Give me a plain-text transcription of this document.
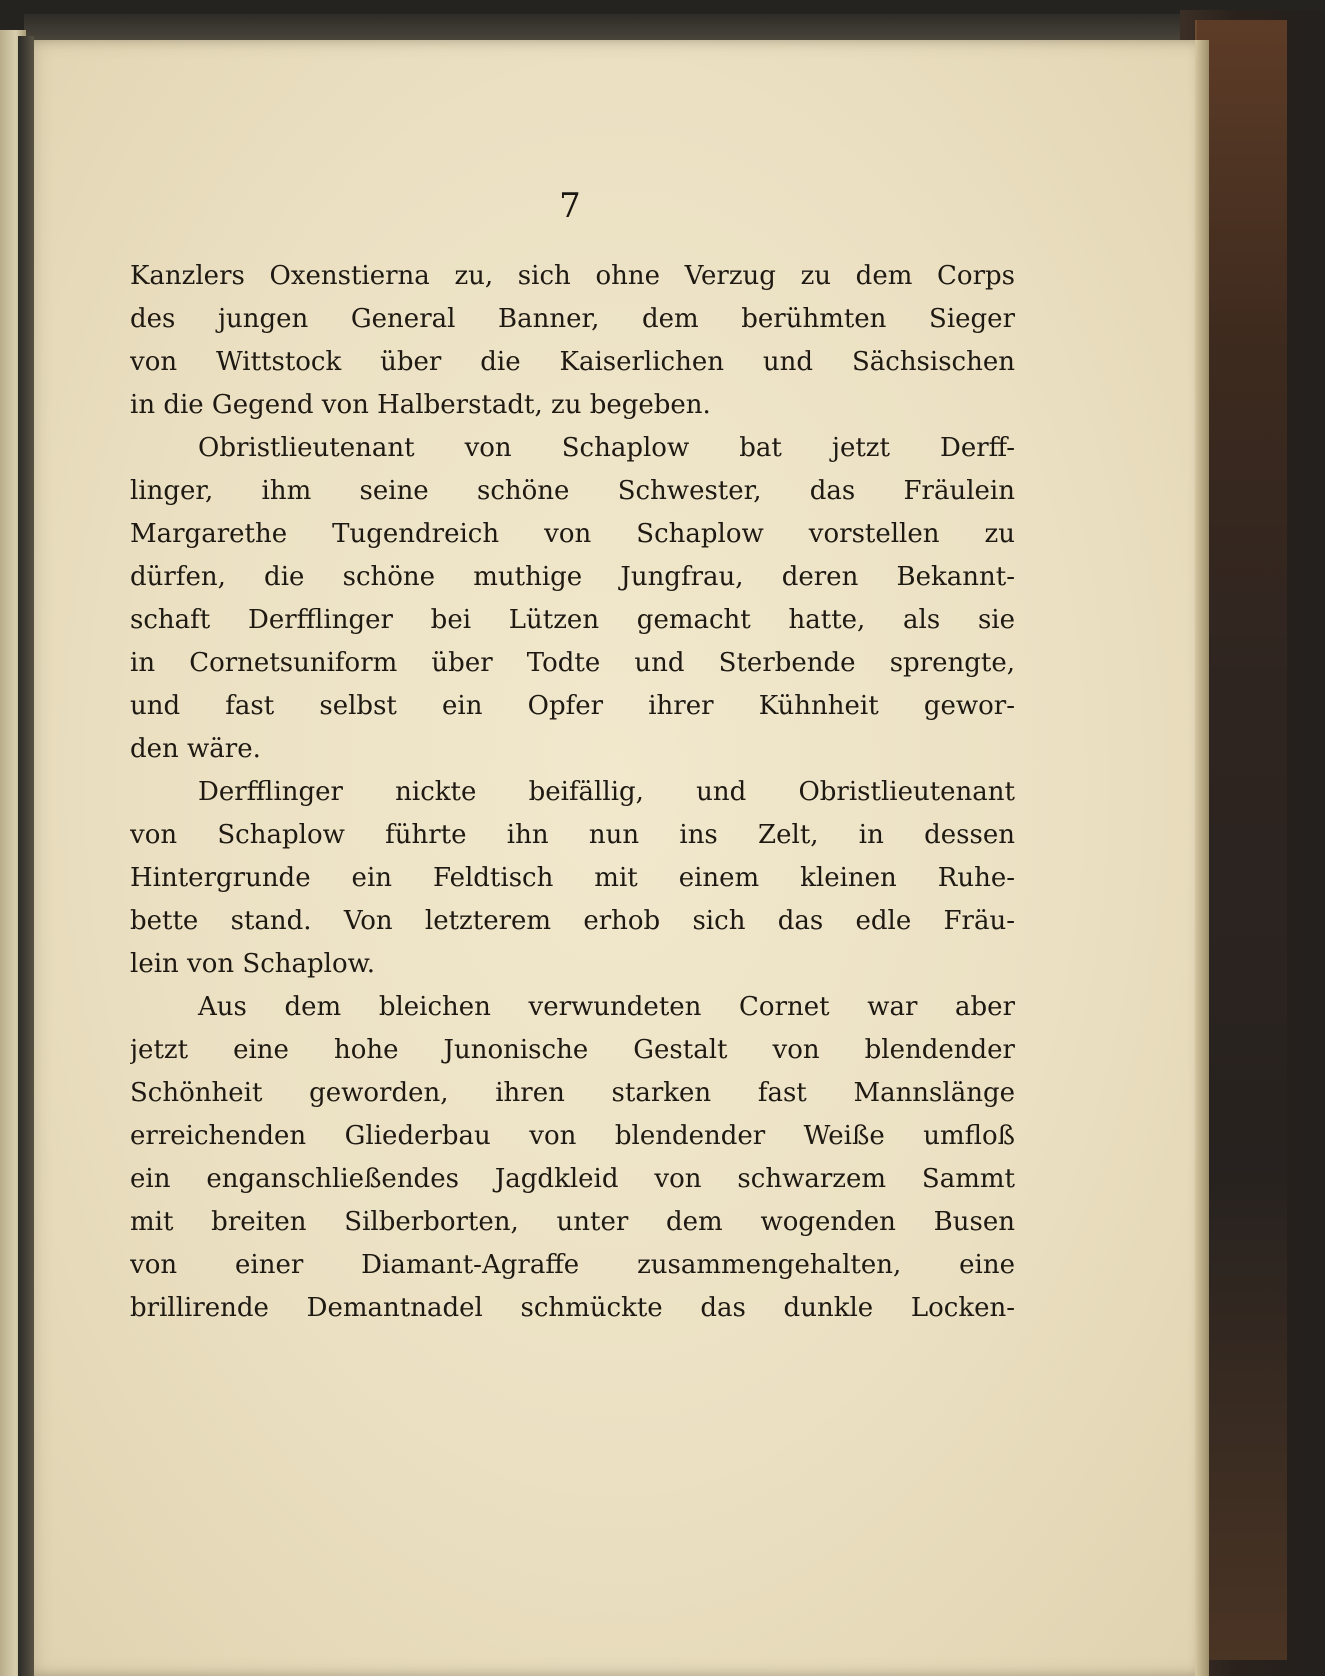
7
Kanzlers Oxenstierna zu, sich ohne Verzug zu dem Corps
des jungen General Banner, dem berühmten Sieger
von Wittstock über die Kaiserlichen und Sächsischen
in die Gegend von Halberstadt, zu begeben.
Obristlieutenant von Schaplow bat jetzt Derff-
linger, ihm seine schöne Schwester, das Fräulein
Margarethe Tugendreich von Schaplow vorstellen zu
dürfen, die schöne muthige Jungfrau, deren Bekannt-
schaft Derfflinger bei Lützen gemacht hatte, als sie
in Cornetsuniform über Todte und Sterbende sprengte,
und fast selbst ein Opfer ihrer Kühnheit gewor-
den wäre.
Derfflinger nickte beifällig, und Obristlieutenant
von Schaplow führte ihn nun ins Zelt, in dessen
Hintergrunde ein Feldtisch mit einem kleinen Ruhe-
bette stand. Von letzterem erhob sich das edle Fräu-
lein von Schaplow.
Aus dem bleichen verwundeten Cornet war aber
jetzt eine hohe Junonische Gestalt von blendender
Schönheit geworden, ihren starken fast Mannslänge
erreichenden Gliederbau von blendender Weiße umfloß
ein enganschließendes Jagdkleid von schwarzem Sammt
mit breiten Silberborten, unter dem wogenden Busen
von einer Diamant-Agraffe zusammengehalten, eine
brillirende Demantnadel schmückte das dunkle Locken-
